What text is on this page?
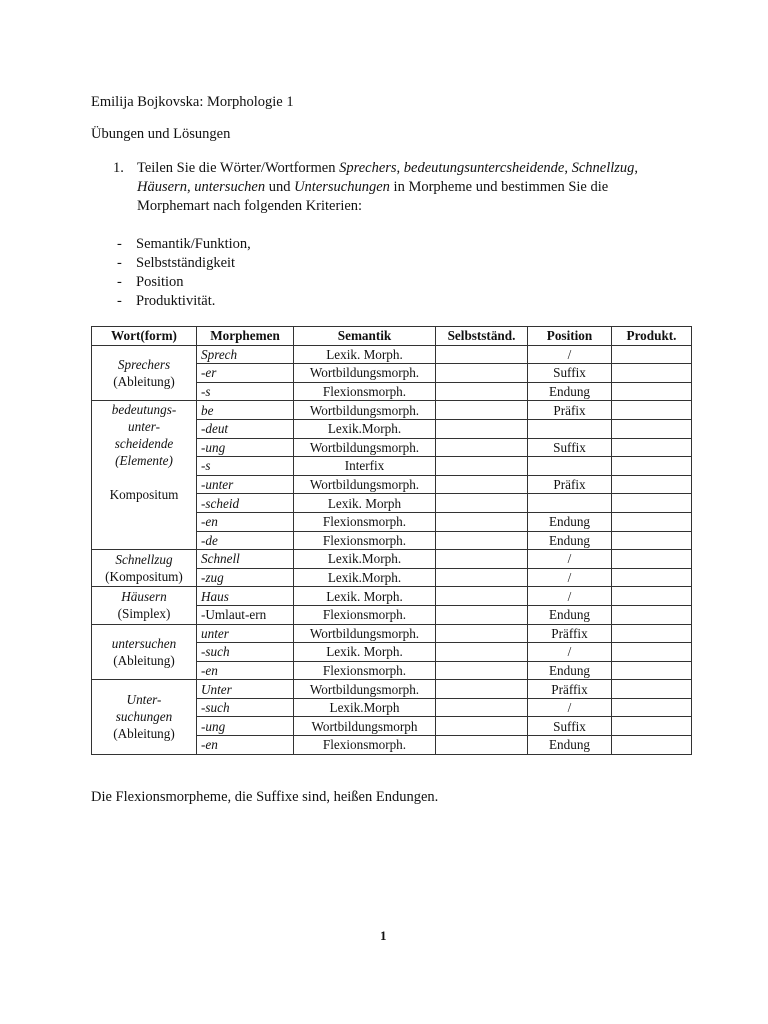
Emilija Bojkovska: Morphologie 1
Übungen und Lösungen
1. Teilen Sie die Wörter/Wortformen Sprechers, bedeutungsuntercsheidende, Schnellzug, Häusern, untersuchen und Untersuchungen in Morpheme und bestimmen Sie die Morphemart nach folgenden Kriterien:
- Semantik/Funktion,
- Selbstständigkeit
- Position
- Produktivität.
Wort(form)	Morphemen	Semantik	Selbstständ.	Position	Produkt.

Sprechers
(Ableitung)	Sprech	Lexik. Morph.		/	
	-er	Wortbildungsmorph.		Suffix	
	-s	Flexionsmorph.		Endung	

bedeutungs-
unter-
scheidende
(Elemente)
Kompositum	be	Wortbildungsmorph.		Präfix	
	-deut	Lexik.Morph.			
	-ung	Wortbildungsmorph.		Suffix	
	-s	Interfix			
	-unter	Wortbildungsmorph.		Präfix	
	-scheid	Lexik. Morph			
	-en	Flexionsmorph.		Endung	
	-de	Flexionsmorph.		Endung	

Schnellzug
(Kompositum)	Schnell	Lexik.Morph.		/	
	-zug	Lexik.Morph.		/	

Häusern
(Simplex)	Haus	Lexik. Morph.		/	
	-Umlaut-ern	Flexionsmorph.		Endung	

untersuchen
(Ableitung)	unter	Wortbildungsmorph.		Präffix	
	-such	Lexik. Morph.		/	
	-en	Flexionsmorph.		Endung	

Unter-
suchungen
(Ableitung)	Unter	Wortbildungsmorph.		Präffix	
	-such	Lexik.Morph		/	
	-ung	Wortbildungsmorph		Suffix	
	-en	Flexionsmorph.		Endung	
Die Flexionsmorpheme, die Suffixe sind, heißen Endungen.
1
